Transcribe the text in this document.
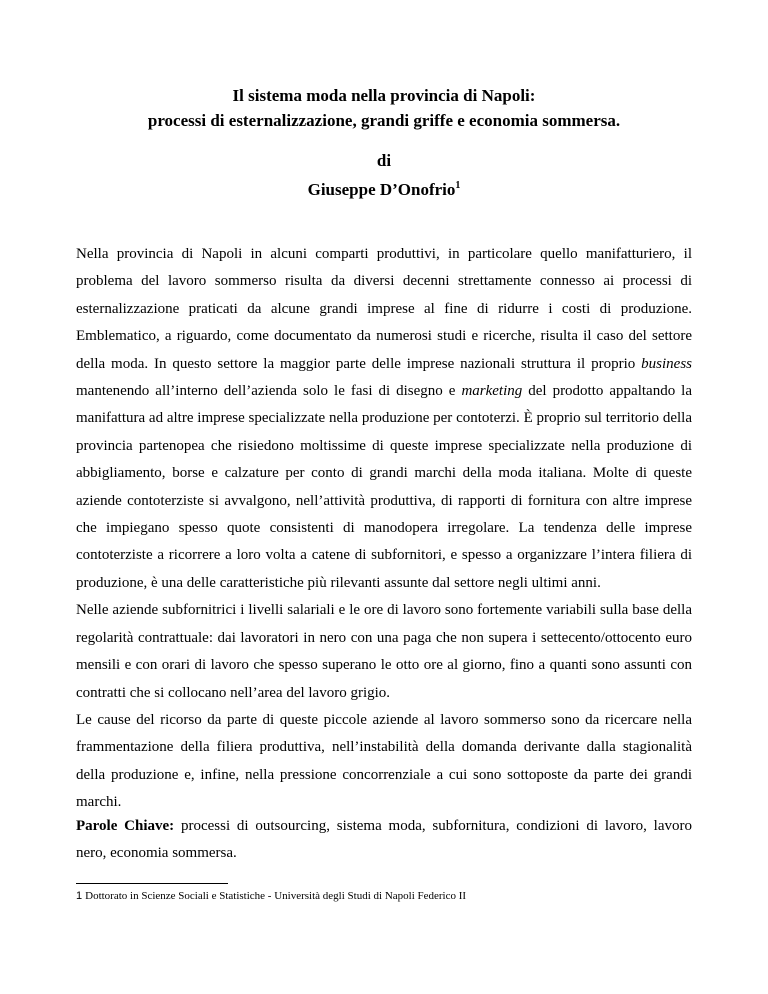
Il sistema moda nella provincia di Napoli:
processi di esternalizzazione, grandi griffe e economia sommersa.
di
Giuseppe D’Onofrio$^1$

Nella provincia di Napoli in alcuni comparti produttivi, in particolare quello manifatturiero, il problema del lavoro sommerso risulta da diversi decenni strettamente connesso ai processi di esternalizzazione praticati da alcune grandi imprese al fine di ridurre i costi di produzione. Emblematico, a riguardo, come documentato da numerosi studi e ricerche, risulta il caso del settore della moda. In questo settore la maggior parte delle imprese nazionali struttura il proprio business mantenendo all’interno dell’azienda solo le fasi di disegno e marketing del prodotto appaltando la manifattura ad altre imprese specializzate nella produzione per contoterzi. È proprio sul territorio della provincia partenopea che risiedono moltissime di queste imprese specializzate nella produzione di abbigliamento, borse e calzature per conto di grandi marchi della moda italiana. Molte di queste aziende contoterziste si avvalgono, nell’attività produttiva, di rapporti di fornitura con altre imprese che impiegano spesso quote consistenti di manodopera irregolare. La tendenza delle imprese contoterziste a ricorrere a loro volta a catene di subfornitori, e spesso a organizzare l’intera filiera di produzione, è una delle caratteristiche più rilevanti assunte dal settore negli ultimi anni.

Nelle aziende subfornitrici i livelli salariali e le ore di lavoro sono fortemente variabili sulla base della regolarità contrattuale: dai lavoratori in nero con una paga che non supera i settecento/ottocento euro mensili e con orari di lavoro che spesso superano le otto ore al giorno, fino a quanti sono assunti con contratti che si collocano nell’area del lavoro grigio.

Le cause del ricorso da parte di queste piccole aziende al lavoro sommerso sono da ricercare nella frammentazione della filiera produttiva, nell’instabilità della domanda derivante dalla stagionalità della produzione e, infine, nella pressione concorrenziale a cui sono sottoposte da parte dei grandi marchi.

Parole Chiave: processi di outsourcing, sistema moda, subfornitura, condizioni di lavoro, lavoro nero, economia sommersa.
1 Dottorato in Scienze Sociali e Statistiche - Università degli Studi di Napoli Federico II
